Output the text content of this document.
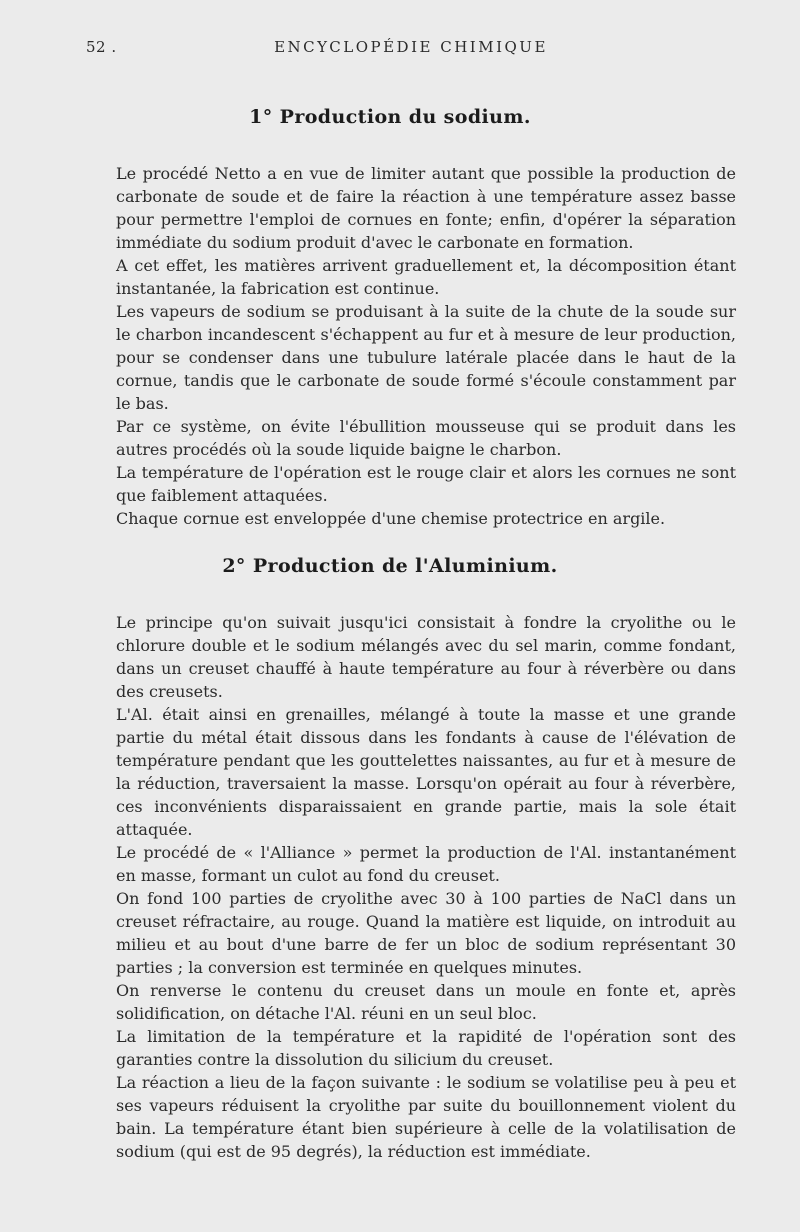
52 .	ENCYCLOPÉDIE CHIMIQUE
1° Production du sodium.

Le procédé Netto a en vue de limiter autant que possible la production de carbonate de soude et de faire la réaction à une température assez basse pour permettre l'emploi de cornues en fonte; enfin, d'opérer la séparation immédiate du sodium produit d'avec le carbonate en formation.

A cet effet, les matières arrivent graduellement et, la décomposition étant instantanée, la fabrication est continue.

Les vapeurs de sodium se produisant à la suite de la chute de la soude sur le charbon incandescent s'échappent au fur et à mesure de leur production, pour se condenser dans une tubulure latérale placée dans le haut de la cornue, tandis que le carbonate de soude formé s'écoule constamment par le bas.

Par ce système, on évite l'ébullition mousseuse qui se produit dans les autres procédés où la soude liquide baigne le charbon.

La température de l'opération est le rouge clair et alors les cornues ne sont que faiblement attaquées.

Chaque cornue est enveloppée d'une chemise protectrice en argile.

2° Production de l'Aluminium.

Le principe qu'on suivait jusqu'ici consistait à fondre la cryolithe ou le chlorure double et le sodium mélangés avec du sel marin, comme fondant, dans un creuset chauffé à haute température au four à réverbère ou dans des creusets.

L'Al. était ainsi en grenailles, mélangé à toute la masse et une grande partie du métal était dissous dans les fondants à cause de l'élévation de température pendant que les gouttelettes naissantes, au fur et à mesure de la réduction, traversaient la masse. Lorsqu'on opérait au four à réverbère, ces inconvénients disparaissaient en grande partie, mais la sole était attaquée.

Le procédé de « l'Alliance » permet la production de l'Al. instantanément en masse, formant un culot au fond du creuset.

On fond 100 parties de cryolithe avec 30 à 100 parties de NaCl dans un creuset réfractaire, au rouge. Quand la matière est liquide, on introduit au milieu et au bout d'une barre de fer un bloc de sodium représentant 30 parties ; la conversion est terminée en quelques minutes.

On renverse le contenu du creuset dans un moule en fonte et, après solidification, on détache l'Al. réuni en un seul bloc.

La limitation de la température et la rapidité de l'opération sont des garanties contre la dissolution du silicium du creuset.

La réaction a lieu de la façon suivante : le sodium se volatilise peu à peu et ses vapeurs réduisent la cryolithe par suite du bouillonnement violent du bain. La température étant bien supérieure à celle de la volatilisation de sodium (qui est de 95 degrés), la réduction est immédiate.
